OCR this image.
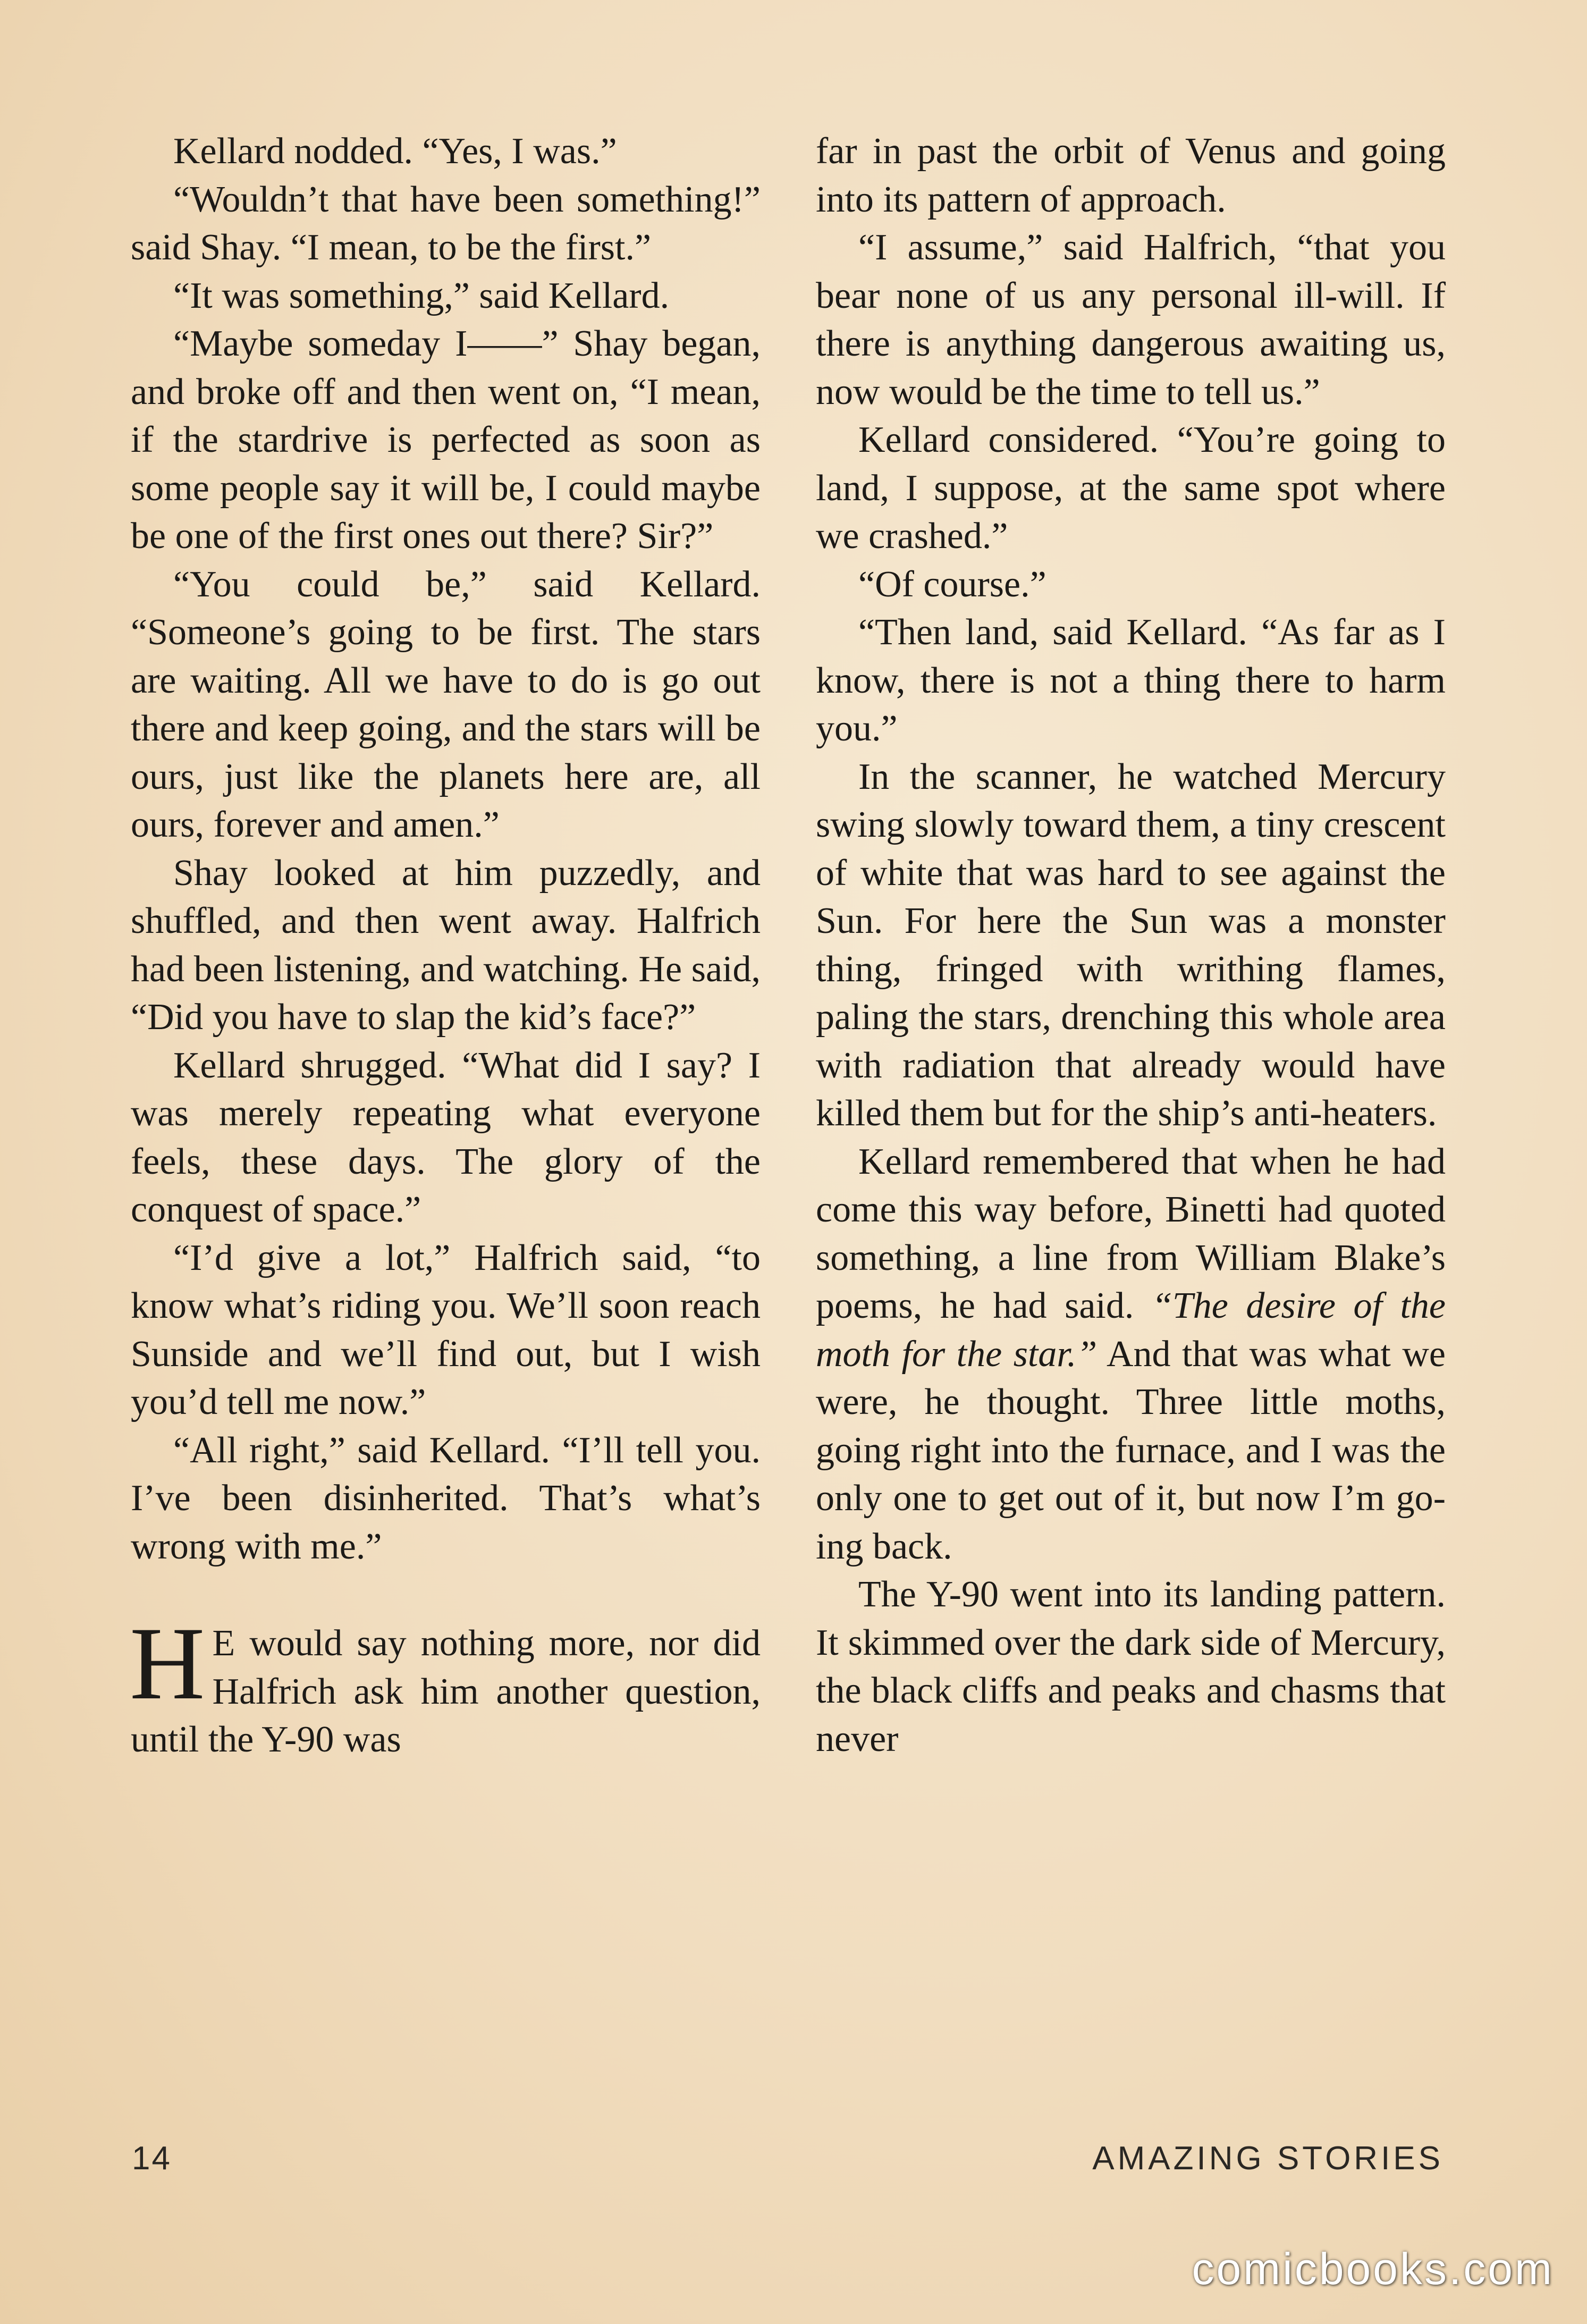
Kellard nodded. “Yes, I was.”

“Wouldn’t that have been something!” said Shay. “I mean, to be the first.”

“It was something,” said Kellard.

“Maybe someday I——” Shay began, and broke off and then went on, “I mean, if the stardrive is perfected as soon as some people say it will be, I could maybe be one of the first ones out there? Sir?”

“You could be,” said Kellard. “Someone’s going to be first. The stars are waiting. All we have to do is go out there and keep going, and the stars will be ours, just like the planets here are, all ours, forever and amen.”

Shay looked at him puzzedly, and shuffled, and then went away. Halfrich had been listening, and watching. He said, “Did you have to slap the kid’s face?”

Kellard shrugged. “What did I say? I was merely repeating what everyone feels, these days. The glory of the conquest of space.”

“I’d give a lot,” Halfrich said, “to know what’s riding you. We’ll soon reach Sunside and we’ll find out, but I wish you’d tell me now.”

“All right,” said Kellard. “I’ll tell you. I’ve been disinherited. That’s what’s wrong with me.”

H E would say nothing more, nor did Halfrich ask him another question, until the Y-90 was

far in past the orbit of Venus and going into its pattern of approach.

“I assume,” said Halfrich, “that you bear none of us any personal ill-will. If there is anything dangerous awaiting us, now would be the time to tell us.”

Kellard considered. “You’re going to land, I suppose, at the same spot where we crashed.”

“Of course.”

“Then land, said Kellard. “As far as I know, there is not a thing there to harm you.”

In the scanner, he watched Mercury swing slowly toward them, a tiny crescent of white that was hard to see against the Sun. For here the Sun was a monster thing, fringed with writhing flames, paling the stars, drenching this whole area with radiation that already would have killed them but for the ship’s anti-heaters.

Kellard remembered that when he had come this way before, Binetti had quoted something, a line from William Blake’s poems, he had said. “The desire of the moth for the star.” And that was what we were, he thought. Three little moths, going right into the furnace, and I was the only one to get out of it, but now I’m going back.

The Y-90 went into its landing pattern. It skimmed over the dark side of Mercury, the black cliffs and peaks and chasms that never

14	AMAZING STORIES
comicbooks.com
